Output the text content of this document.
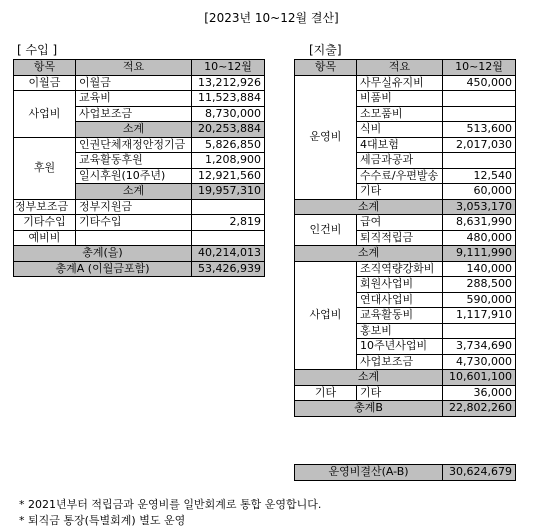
[2023년 10~12월 결산]
[ 수입 ]	[지출]
항목	적요	10~12월
이월금	이월금	13,212,926
사업비	교육비	11,523,884
	사업보조금	8,730,000
	소계	20,253,884
후원	인권단체재정안정기금	5,826,850
	교육활동후원	1,208,900
	일시후원(10주년)	12,921,560
	소계	19,957,310
정부보조금	정부지원금	
기타수입	기타수입	2,819
예비비		
총계(을)		40,214,013
총계A (이월금포함)		53,426,939
항목	적요	10~12월
운영비	사무실유지비	450,000
	비품비	
	소모품비	
	식비	513,600
	4대보험	2,017,030
	세금과공과	
	수수료/우편발송	12,540
	기타	60,000
소계		3,053,170
인건비	급여	8,631,990
	퇴직적립금	480,000
소계		9,111,990
사업비	조직역량강화비	140,000
	회원사업비	288,500
	연대사업비	590,000
	교육활동비	1,117,910
	홍보비	
	10주년사업비	3,734,690
	사업보조금	4,730,000
소계		10,601,100
기타	기타	36,000
총계B		22,802,260
운영비결산(A-B)	30,624,679
* 2021년부터 적립금과 운영비를 일반회계로 통합 운영합니다.
* 퇴직금 통장(특별회계) 별도 운영
